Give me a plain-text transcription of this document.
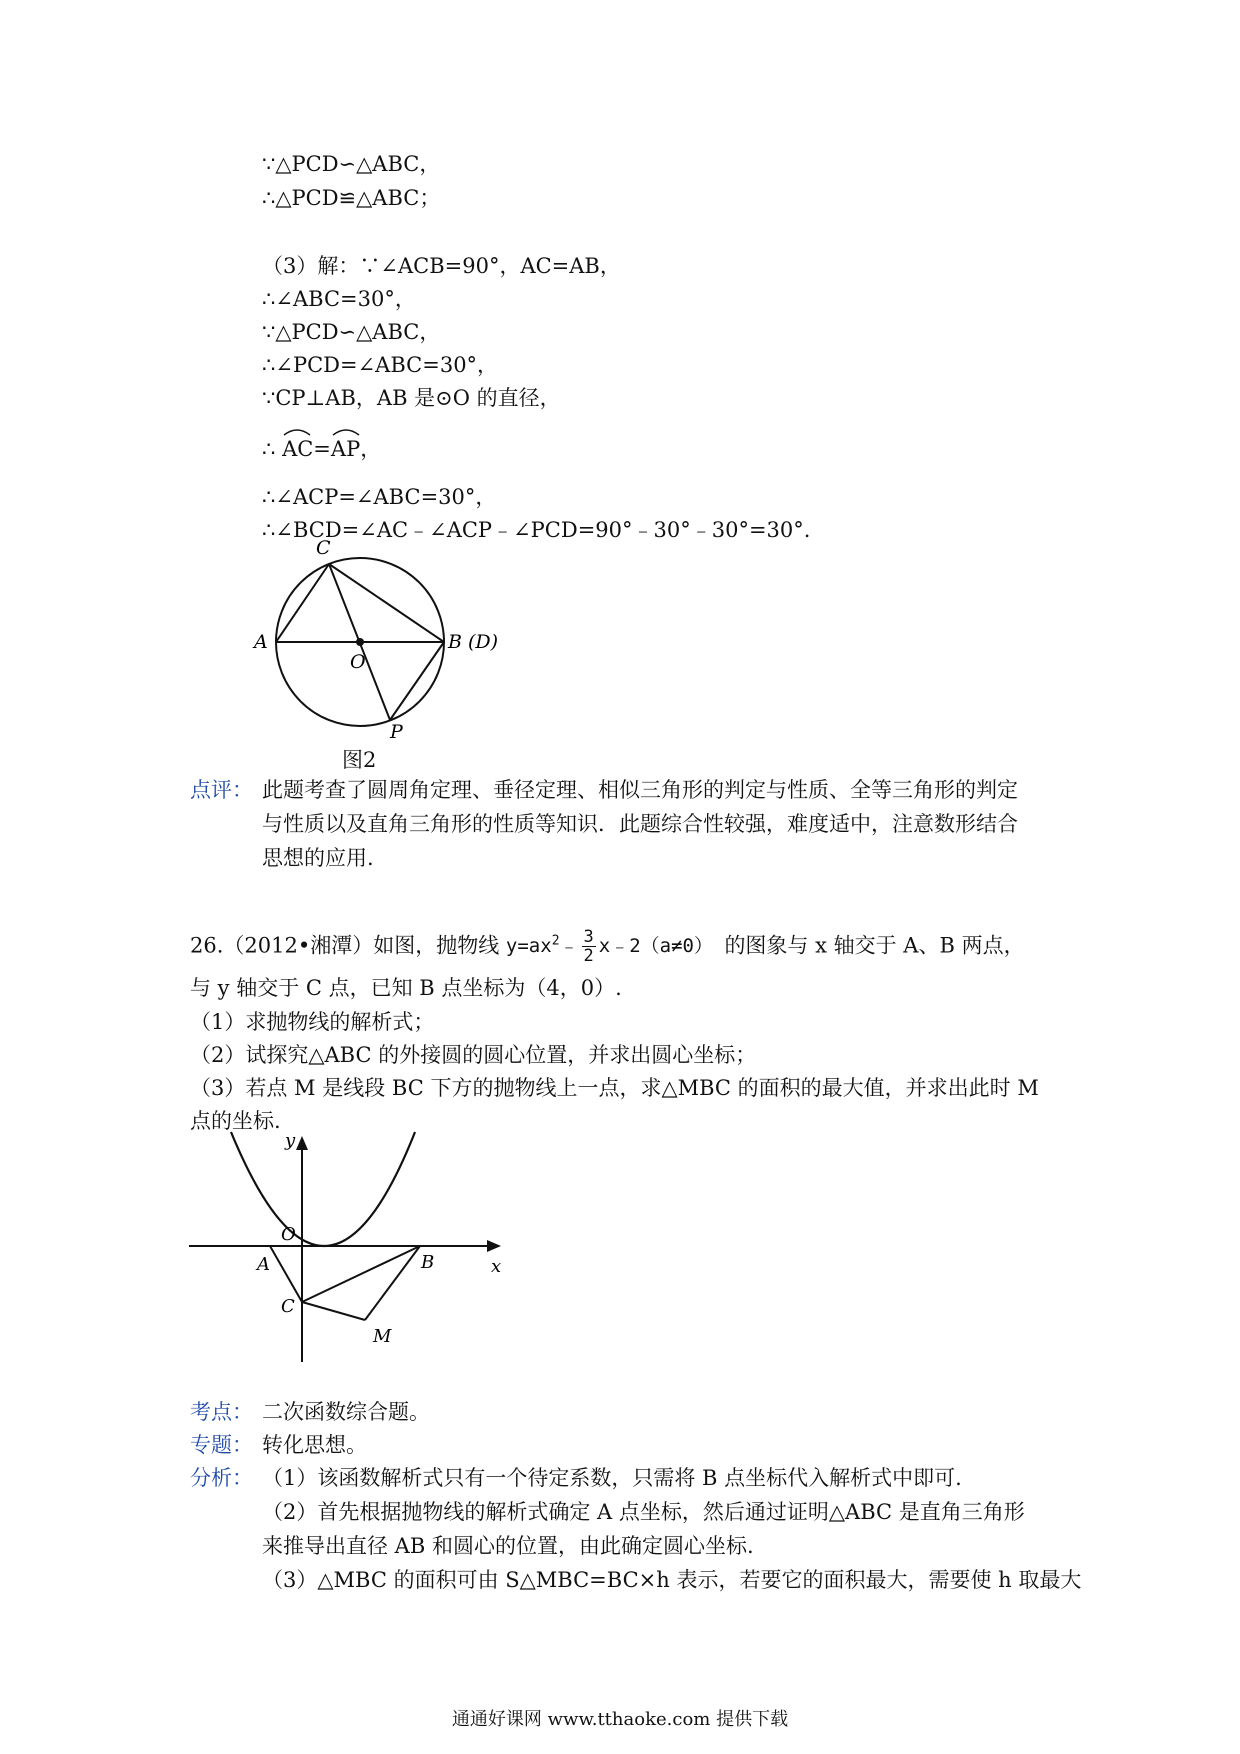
∵△PCD∽△ABC，
∴△PCD≌△ABC；
（3）解：∵∠ACB=90°，AC=AB，
∴∠ABC=30°，
∵△PCD∽△ABC，
∴∠PCD=∠ABC=30°，
∵CP⊥AB，AB 是⊙O 的直径，
∴ AC=
AP，
∴∠ACP=∠ABC=30°，
∴∠BCD=∠AC﹣∠ACP﹣∠PCD=90°﹣30°﹣30°=30°.
C
A	B (D)
O
P
图2
点评： 此题考查了圆周角定理、垂径定理、相似三角形的判定与性质、全等三角形的判定
与性质以及直角三角形的性质等知识．此题综合性较强，难度适中，注意数形结合
思想的应用.
26.（2012•湘潭）如图，抛物线 $y=ax^2﹣ \frac{3}{2}$ x﹣2（a≠0） 的图象与 x 轴交于 A、B 两点，
与 y 轴交于 C 点，已知 B 点坐标为（4，0）.
（1）求抛物线的解析式；
（2）试探究△ABC 的外接圆的圆心位置，并求出圆心坐标；
（3）若点 M 是线段 BC 下方的抛物线上一点，求△MBC 的面积的最大值，并求出此时 M
点的坐标.
y
x
O
A	B
C
M
考点： 二次函数综合题。
专题： 转化思想。
分析： （1）该函数解析式只有一个待定系数，只需将 B 点坐标代入解析式中即可.
（2）首先根据抛物线的解析式确定 A 点坐标，然后通过证明△ABC 是直角三角形
来推导出直径 AB 和圆心的位置，由此确定圆心坐标.
（3）△MBC 的面积可由 S△MBC=BC×h 表示，若要它的面积最大，需要使 h 取最大
通通好课网 www.tthaoke.com 提供下载
